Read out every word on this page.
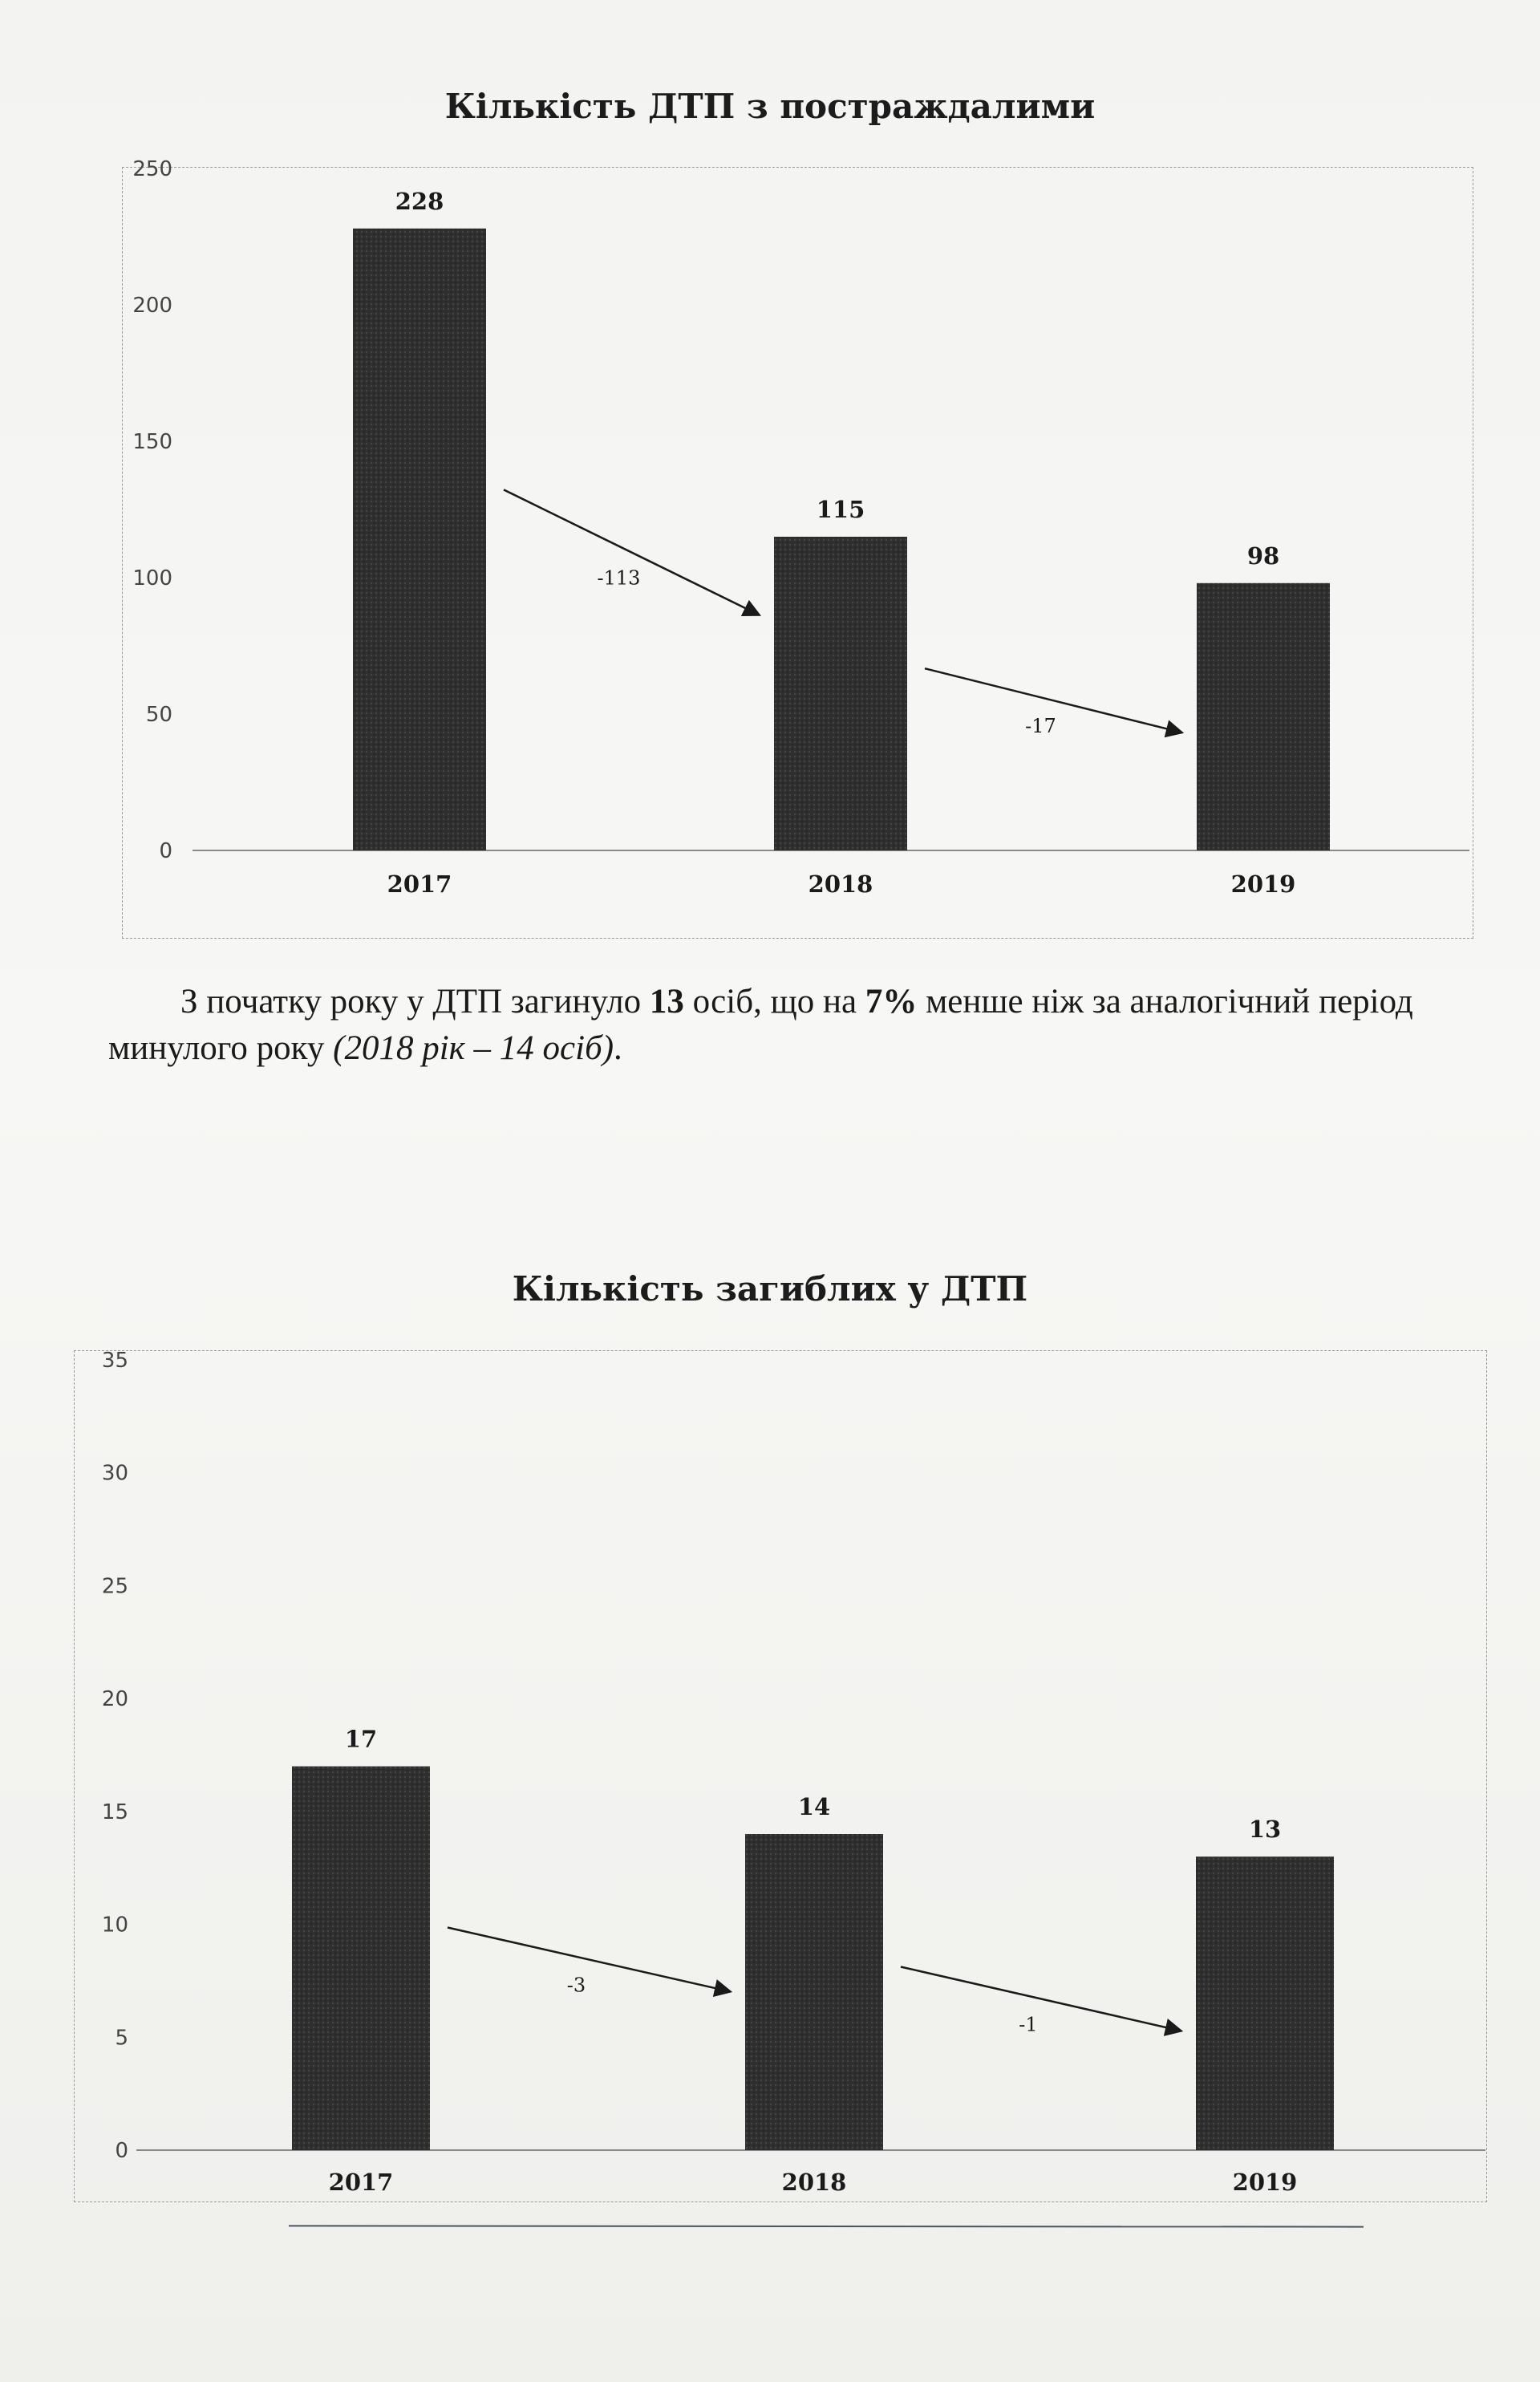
Кількість ДТП з постраждалими
0
50
100
150
200
250
228
2017
115
2018
98
2019
-113
-17
З початку року у ДТП загинуло 13 осіб, що на 7% менше ніж за аналогічний період минулого року (2018 рік – 14 осіб).
Кількість загиблих у ДТП
0
5
10
15
20
25
30
35
17
2017
14
2018
13
2019
-3
-1
